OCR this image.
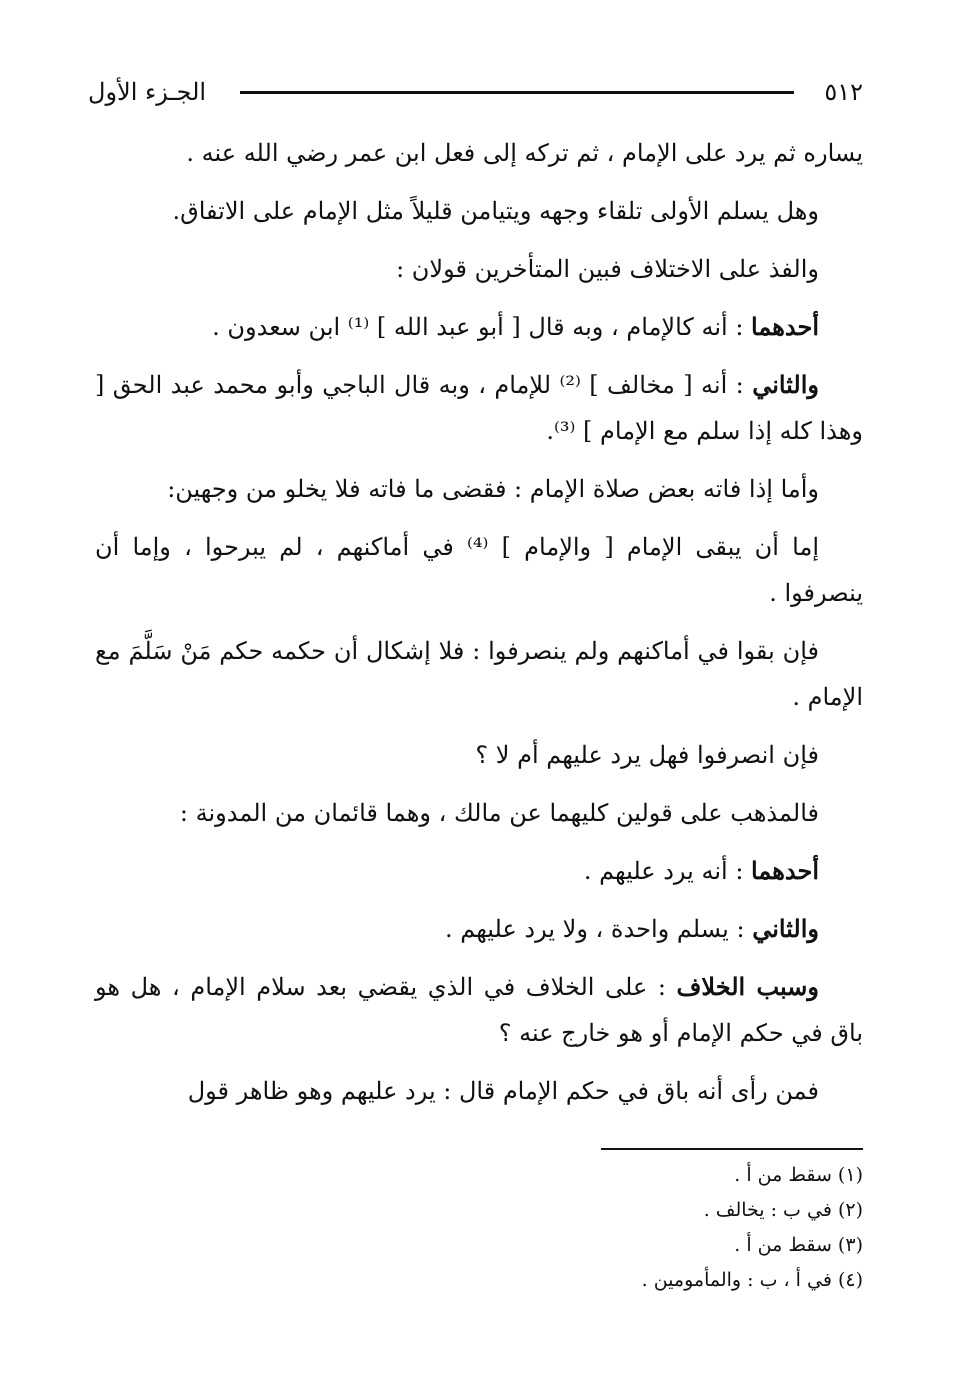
٥١٢
الجـزء الأول

يساره ثم يرد على الإمام ، ثم تركه إلى فعل ابن عمر رضي الله عنه .

وهل يسلم الأولى تلقاء وجهه ويتيامن قليلاً مثل الإمام على الاتفاق.

والفذ على الاختلاف فبين المتأخرين قولان :

أحدهما : أنه كالإمام ، وبه قال [ أبو عبد الله ] ⁽¹⁾ ابن سعدون .

والثاني : أنه [ مخالف ] ⁽²⁾ للإمام ، وبه قال الباجي وأبو محمد عبد الحق [ وهذا كله إذا سلم مع الإمام ] ⁽³⁾.

وأما إذا فاته بعض صلاة الإمام : فقضى ما فاته فلا يخلو من وجهين:

إما أن يبقى الإمام [ والإمام ] ⁽⁴⁾ في أماكنهم ، لم يبرحوا ، وإما أن ينصرفوا .

فإن بقوا في أماكنهم ولم ينصرفوا : فلا إشكال أن حكمه حكم مَنْ سَلَّمَ مع الإمام .

فإن انصرفوا فهل يرد عليهم أم لا ؟

فالمذهب على قولين كليهما عن مالك ، وهما قائمان من المدونة :

أحدهما : أنه يرد عليهم .

والثاني : يسلم واحدة ، ولا يرد عليهم .

وسبب الخلاف : على الخلاف في الذي يقضي بعد سلام الإمام ، هل هو باق في حكم الإمام أو هو خارج عنه ؟

فمن رأى أنه باق في حكم الإمام قال : يرد عليهم وهو ظاهر قول

(١) سقط من أ .

(٢) في ب : يخالف .

(٣) سقط من أ .

(٤) في أ ، ب : والمأمومين .
